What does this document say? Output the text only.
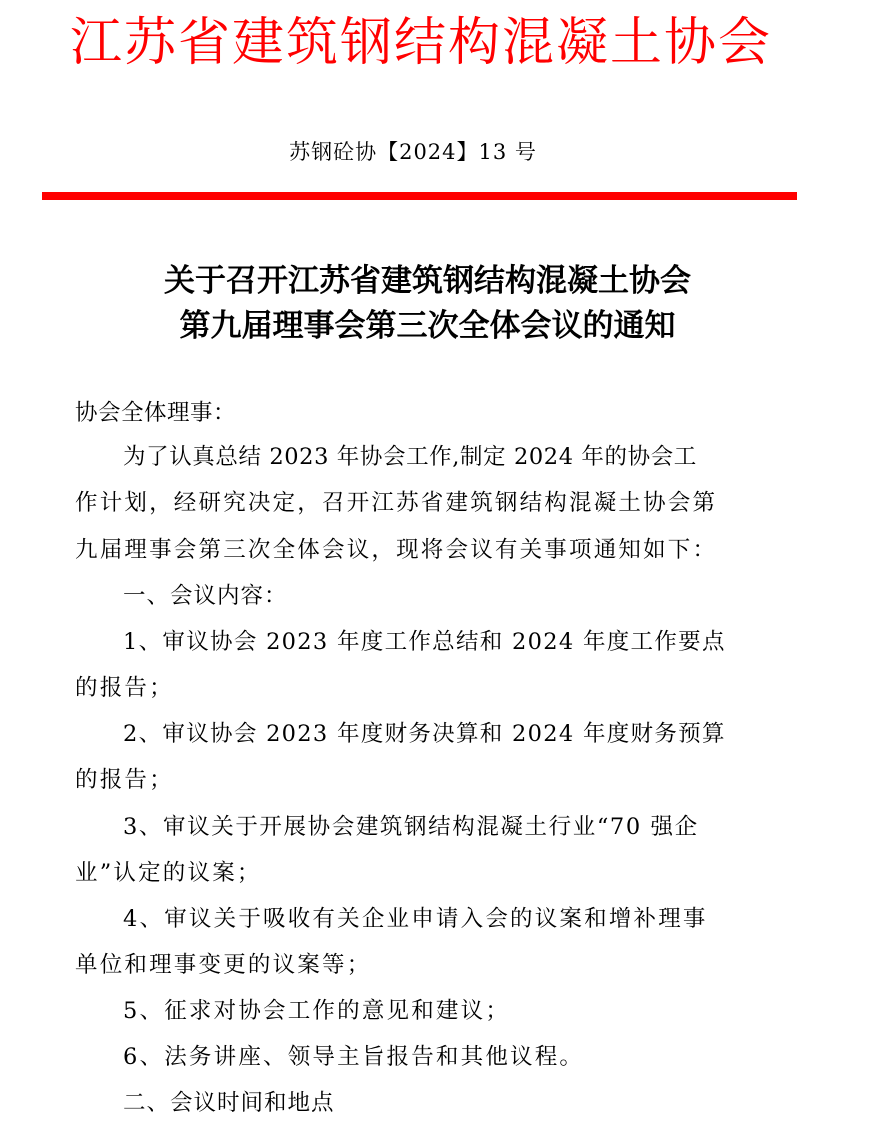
江苏省建筑钢结构混凝土协会
苏钢砼协【2024】13 号
关于召开江苏省建筑钢结构混凝土协会
第九届理事会第三次全体会议的通知
协会全体理事：
为了认真总结 2023 年协会工作,制定 2024 年的协会工
作计划，经研究决定，召开江苏省建筑钢结构混凝土协会第
九届理事会第三次全体会议，现将会议有关事项通知如下：
一、会议内容：
1、审议协会 2023 年度工作总结和 2024 年度工作要点
的报告；
2、审议协会 2023 年度财务决算和 2024 年度财务预算
的报告；
3、审议关于开展协会建筑钢结构混凝土行业“70 强企
业”认定的议案；
4、审议关于吸收有关企业申请入会的议案和增补理事
单位和理事变更的议案等；
5、征求对协会工作的意见和建议；
6、法务讲座、领导主旨报告和其他议程。
二、会议时间和地点
